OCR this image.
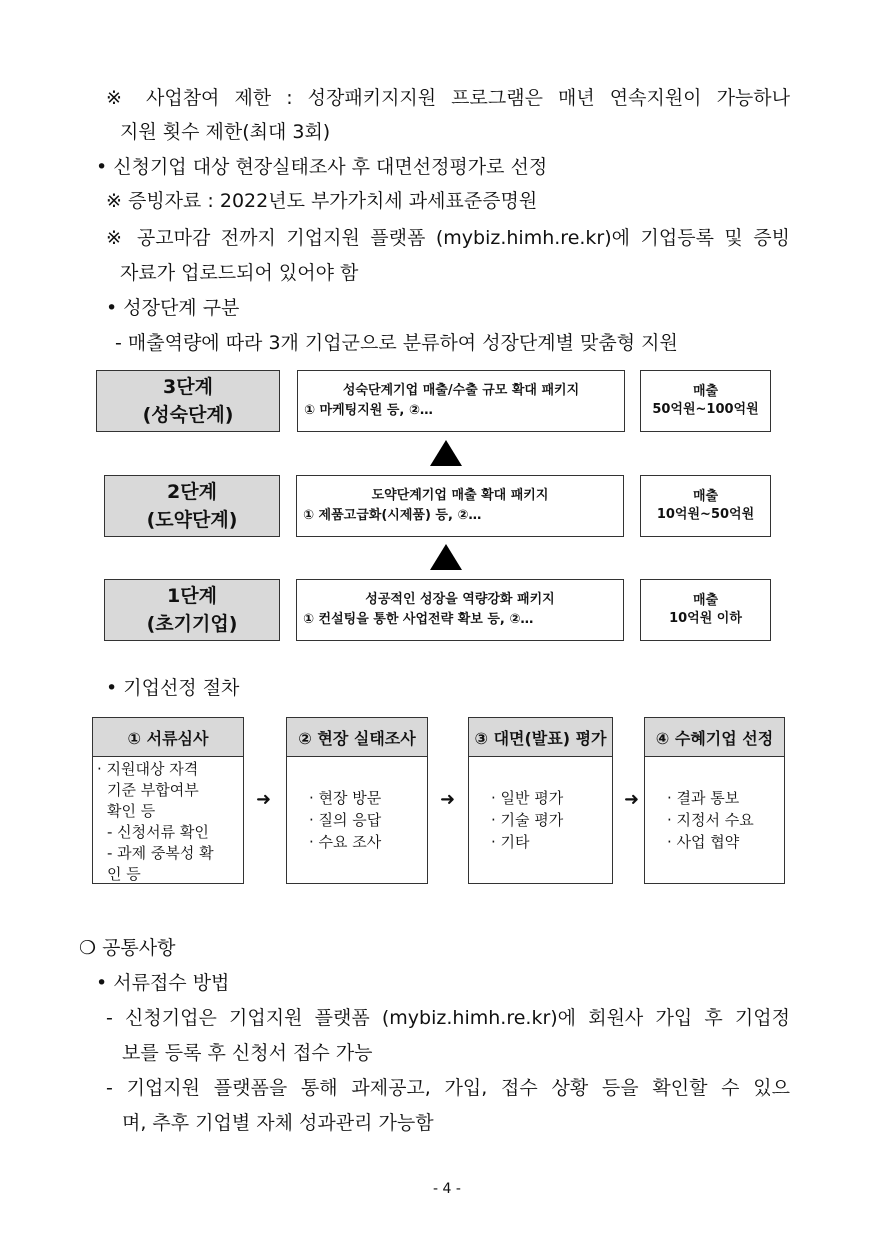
※ 사업참여 제한 : 성장패키지지원 프로그램은 매년 연속지원이 가능하나
지원 횟수 제한(최대 3회)
• 신청기업 대상 현장실태조사 후 대면선정평가로 선정
※ 증빙자료 : 2022년도 부가가치세 과세표준증명원
※ 공고마감 전까지 기업지원 플랫폼 (mybiz.himh.re.kr)에 기업등록 및 증빙
자료가 업로드되어 있어야 함
• 성장단계 구분
- 매출역량에 따라 3개 기업군으로 분류하여 성장단계별 맞춤형 지원
3단계
(성숙단계)
성숙단계기업 매출/수출 규모 확대 패키지
① 마케팅지원 등, ②…
매출
50억원~100억원
2단계
(도약단계)
도약단계기업 매출 확대 패키지
① 제품고급화(시제품) 등, ②…
매출
10억원~50억원
1단계
(초기기업)
성공적인 성장을 역량강화 패키지
① 컨설팅을 통한 사업전략 확보 등, ②…
매출
10억원 이하
• 기업선정 절차
① 서류심사
· 지원대상 자격
기준 부합여부
확인 등
- 신청서류 확인
- 과제 중복성 확
인 등
➜
② 현장 실태조사
· 현장 방문
· 질의 응답
· 수요 조사
➜
③ 대면(발표) 평가
· 일반 평가
· 기술 평가
· 기타
➜
④ 수혜기업 선정
· 결과 통보
· 지정서 수요
· 사업 협약
❍ 공통사항
• 서류접수 방법
- 신청기업은 기업지원 플랫폼 (mybiz.himh.re.kr)에 회원사 가입 후 기업정
보를 등록 후 신청서 접수 가능
- 기업지원 플랫폼을 통해 과제공고, 가입, 접수 상황 등을 확인할 수 있으
며, 추후 기업별 자체 성과관리 가능함
- 4 -
